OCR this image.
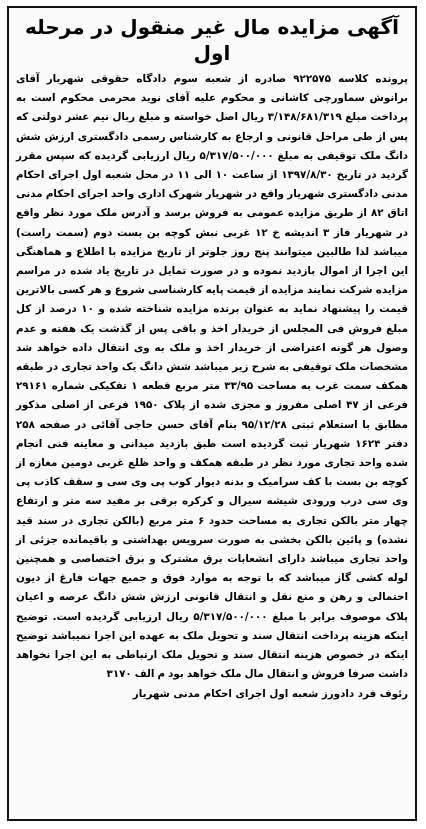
آگهی مزایده مال غیر منقول در مرحله اول
پرونده کلاسه ۹۲۲۵۷۵ صادره از شعبه سوم دادگاه حقوقی شهریار آقای برانوش سماورچی کاشانی و محکوم علیه آقای نوید محرمی محکوم است به پرداخت مبلغ ۳/۱۴۸/۶۸۱/۳۱۹ ریال اصل خواسته و مبلغ ریال نیم عشر دولتی که پس از طی مراحل قانونی و ارجاع به کارشناس رسمی دادگستری ارزش شش دانگ ملک توقیفی به مبلغ ۵/۳۱۷/۵۰۰/۰۰۰ ریال ارزیابی گردیده که سپس مقرر گردید در تاریخ ۱۳۹۷/۸/۳۰ از ساعت ۱۰ الی ۱۱ در محل شعبه اول اجرای احکام مدنی دادگستری شهریار واقع در شهریار شهرک اداری واحد اجرای احکام مدنی اتاق ۸۲ از طریق مزایده عمومی به فروش برسد و آدرس ملک مورد نظر واقع در شهریار فاز ۳ اندیشه خ ۱۲ غربی نبش کوچه بن بست دوم (سمت راست) میباشد لذا طالبین میتوانند پنج روز جلوتر از تاریخ مزایده با اطلاع و هماهنگی این اجرا از اموال بازدید نموده و در صورت تمایل در تاریخ یاد شده در مراسم مزایده شرکت نمایند مزایده از قیمت پایه کارشناسی شروع و هر کسی بالاترین قیمت را پیشنهاد نماید به عنوان برنده مزایده شناخته شده و ۱۰ درصد از کل مبلغ فروش فی المجلس از خریدار اخذ و باقی پس از گذشت یک هفته و عدم وصول هر گونه اعتراضی از خریدار اخذ و ملک به وی انتقال داده خواهد شد مشخصات ملک توقیفی به شرح زیر میباشد شش دانگ یک واحد تجاری در طبقه همکف سمت غرب به مساحت ۳۳/۹۵ متر مربع قطعه ۱ تفکیکی شماره ۲۹۱۶۱ فرعی از ۴۷ اصلی مفروز و مجزی شده از پلاک ۱۹۵۰ فرعی از اصلی مذکور مطابق با استعلام ثبتی ۹۵/۱۲/۲۸ بنام آقای حسن حاجی آقائی در صفحه ۲۵۸ دفتر ۱۶۲۴ شهریار ثبت گردیده است طبق بازدید میدانی و معاینه فنی انجام شده واحد تجاری مورد نظر در طبقه همکف و واحد ظلع غربی دومین مغازه از کوچه بن بست با کف سرامیک و بدنه دیوار کوب پی وی سی و سقف کاذب پی وی سی درب ورودی شیشه سیرال و کرکره برقی بر مفید سه متر و ارتفاع چهار متر بالکن تجاری به مساحت حدود ۶ متر مربع (بالکن تجاری در سند قید نشده) و پائین بالکن بخشی به صورت سرویس بهداشتی و باقیمانده جزئی از واحد تجاری میباشد دارای انشعابات برق مشترک و برق اختصاصی و همچنین لوله کشی گاز میباشد که با توجه به موارد فوق و جمیع جهات فارغ از دیون احتمالی و رهن و منع نقل و انتقال قانونی ارزش شش دانگ عرصه و اعیان پلاک موصوف برابر با مبلغ ۵/۳۱۷/۵۰۰/۰۰۰ ریال ارزیابی گردیده است. توضیح اینکه هزینه پرداخت انتقال سند و تحویل ملک به عهده این اجرا نمیباشد توضیح اینکه در خصوص هزینه انتقال سند و تحویل ملک ارتباطی به این اجرا نخواهد داشت صرفا فروش و انتقال مال ملک خواهد بود م الف ۳۱۷۰
رئوف فرد دادورز شعبه اول اجرای احکام مدنی شهریار
